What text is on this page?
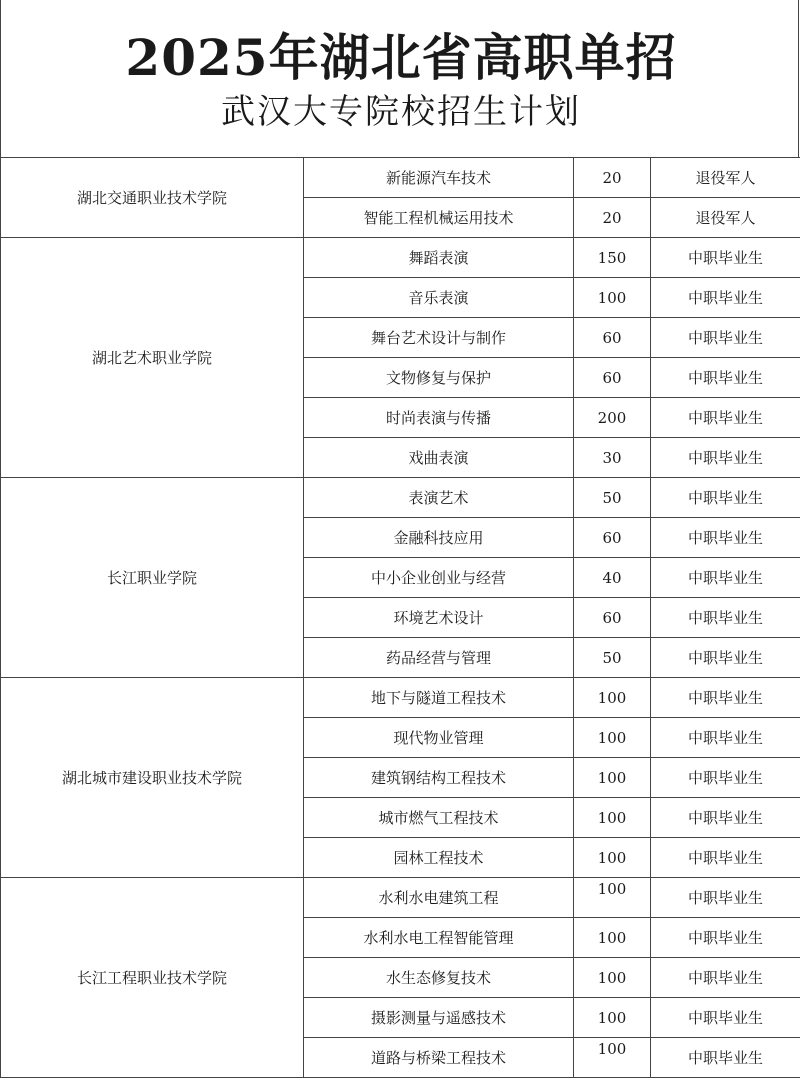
2025年湖北省高职单招
武汉大专院校招生计划
湖北交通职业技术学院	新能源汽车技术	20	退役军人
	智能工程机械运用技术	20	退役军人
湖北艺术职业学院	舞蹈表演	150	中职毕业生
	音乐表演	100	中职毕业生
	舞台艺术设计与制作	60	中职毕业生
	文物修复与保护	60	中职毕业生
	时尚表演与传播	200	中职毕业生
	戏曲表演	30	中职毕业生
长江职业学院	表演艺术	50	中职毕业生
	金融科技应用	60	中职毕业生
	中小企业创业与经营	40	中职毕业生
	环境艺术设计	60	中职毕业生
	药品经营与管理	50	中职毕业生
湖北城市建设职业技术学院	地下与隧道工程技术	100	中职毕业生
	现代物业管理	100	中职毕业生
	建筑钢结构工程技术	100	中职毕业生
	城市燃气工程技术	100	中职毕业生
	园林工程技术	100	中职毕业生
长江工程职业技术学院	水利水电建筑工程	100	中职毕业生
	水利水电工程智能管理	100	中职毕业生
	水生态修复技术	100	中职毕业生
	摄影测量与遥感技术	100	中职毕业生
	道路与桥梁工程技术	100	中职毕业生
